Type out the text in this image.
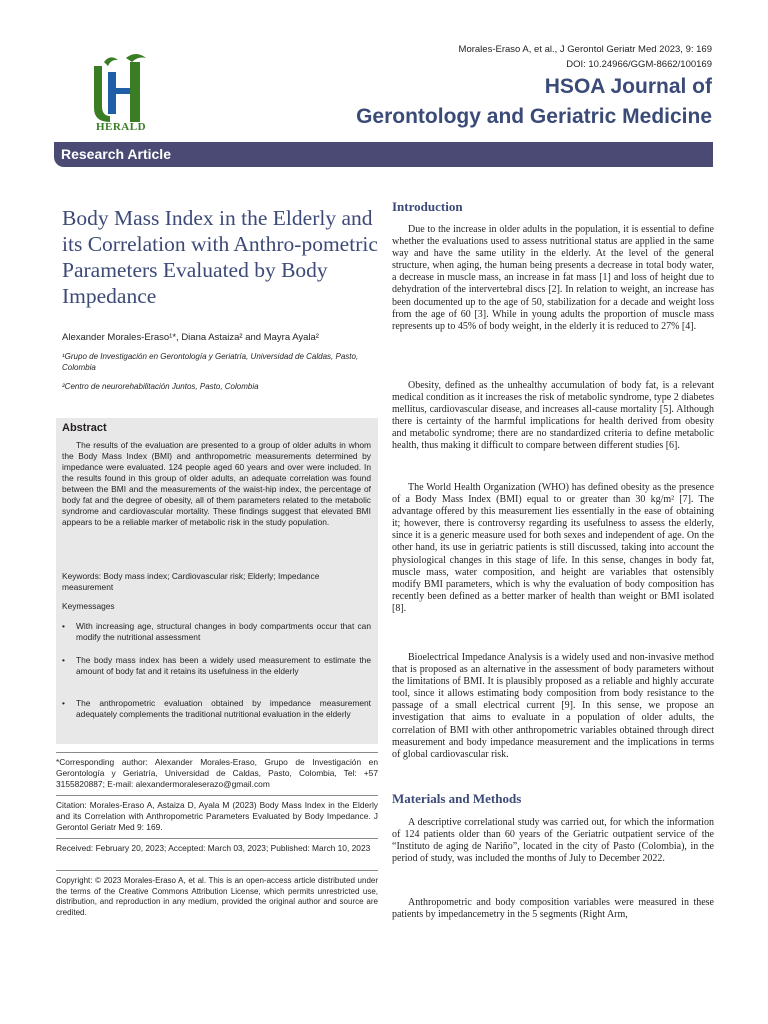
HERALD
Morales-Eraso A, et al., J Gerontol Geriatr Med 2023, 9: 169
DOI: 10.24966/GGM-8662/100169
HSOA Journal of
Gerontology and Geriatric Medicine
Research Article
Body Mass Index in the Elderly and its Correlation with Anthro-pometric Parameters Evaluated by Body Impedance
Alexander Morales-Eraso¹*, Diana Astaiza² and Mayra Ayala²
¹Grupo de Investigación en Gerontología y Geriatría, Universidad de Caldas, Pasto, Colombia
²Centro de neurorehabilitación Juntos, Pasto, Colombia
Abstract
The results of the evaluation are presented to a group of older adults in whom the Body Mass Index (BMI) and anthropometric measurements determined by impedance were evaluated. 124 people aged 60 years and over were included. In the results found in this group of older adults, an adequate correlation was found between the BMI and the measurements of the waist-hip index, the percentage of body fat and the degree of obesity, all of them parameters related to the metabolic syndrome and cardiovascular mortality. These findings suggest that elevated BMI appears to be a reliable marker of metabolic risk in the study population.
Keywords: Body mass index; Cardiovascular risk; Elderly; Impedance measurement
Keymessages
• With increasing age, structural changes in body compartments occur that can modify the nutritional assessment
• The body mass index has been a widely used measurement to estimate the amount of body fat and it retains its usefulness in the elderly
• The anthropometric evaluation obtained by impedance measurement adequately complements the traditional nutritional evaluation in the elderly
*Corresponding author: Alexander Morales-Eraso, Grupo de Investigación en Gerontología y Geriatría, Universidad de Caldas, Pasto, Colombia, Tel: +57 3155820887; E-mail: alexandermoraleserazo@gmail.com
Citation: Morales-Eraso A, Astaiza D, Ayala M (2023) Body Mass Index in the Elderly and its Correlation with Anthropometric Parameters Evaluated by Body Impedance. J Gerontol Geriatr Med 9: 169.
Received: February 20, 2023; Accepted: March 03, 2023; Published: March 10, 2023
Copyright: © 2023 Morales-Eraso A, et al. This is an open-access article distributed under the terms of the Creative Commons Attribution License, which permits unrestricted use, distribution, and reproduction in any medium, provided the original author and source are credited.
Introduction
Due to the increase in older adults in the population, it is essential to define whether the evaluations used to assess nutritional status are applied in the same way and have the same utility in the elderly. At the level of the general structure, when aging, the human being presents a decrease in total body water, a decrease in muscle mass, an increase in fat mass [1] and loss of height due to dehydration of the intervertebral discs [2]. In relation to weight, an increase has been documented up to the age of 50, stabilization for a decade and weight loss from the age of 60 [3]. While in young adults the proportion of muscle mass represents up to 45% of body weight, in the elderly it is reduced to 27% [4].
Obesity, defined as the unhealthy accumulation of body fat, is a relevant medical condition as it increases the risk of metabolic syndrome, type 2 diabetes mellitus, cardiovascular disease, and increases all-cause mortality [5]. Although there is certainty of the harmful implications for health derived from obesity and metabolic syndrome; there are no standardized criteria to define metabolic health, thus making it difficult to compare between different studies [6].
The World Health Organization (WHO) has defined obesity as the presence of a Body Mass Index (BMI) equal to or greater than 30 kg/m² [7]. The advantage offered by this measurement lies essentially in the ease of obtaining it; however, there is controversy regarding its usefulness to assess the elderly, since it is a generic measure used for both sexes and independent of age. On the other hand, its use in geriatric patients is still discussed, taking into account the physiological changes in this stage of life. In this sense, changes in body fat, muscle mass, water composition, and height are variables that ostensibly modify BMI parameters, which is why the evaluation of body composition has recently been defined as a better marker of health than weight or BMI isolated [8].
Bioelectrical Impedance Analysis is a widely used and non-invasive method that is proposed as an alternative in the assessment of body parameters without the limitations of BMI. It is plausibly proposed as a reliable and highly accurate tool, since it allows estimating body composition from body resistance to the passage of a small electrical current [9]. In this sense, we propose an investigation that aims to evaluate in a population of older adults, the correlation of BMI with other anthropometric variables obtained through direct measurement and body impedance measurement and the implications in terms of global cardiovascular risk.
Materials and Methods
A descriptive correlational study was carried out, for which the information of 124 patients older than 60 years of the Geriatric outpatient service of the “Instituto de aging de Nariño”, located in the city of Pasto (Colombia), in the period of study, was included the months of July to December 2022.
Anthropometric and body composition variables were measured in these patients by impedancemetry in the 5 segments (Right Arm,
